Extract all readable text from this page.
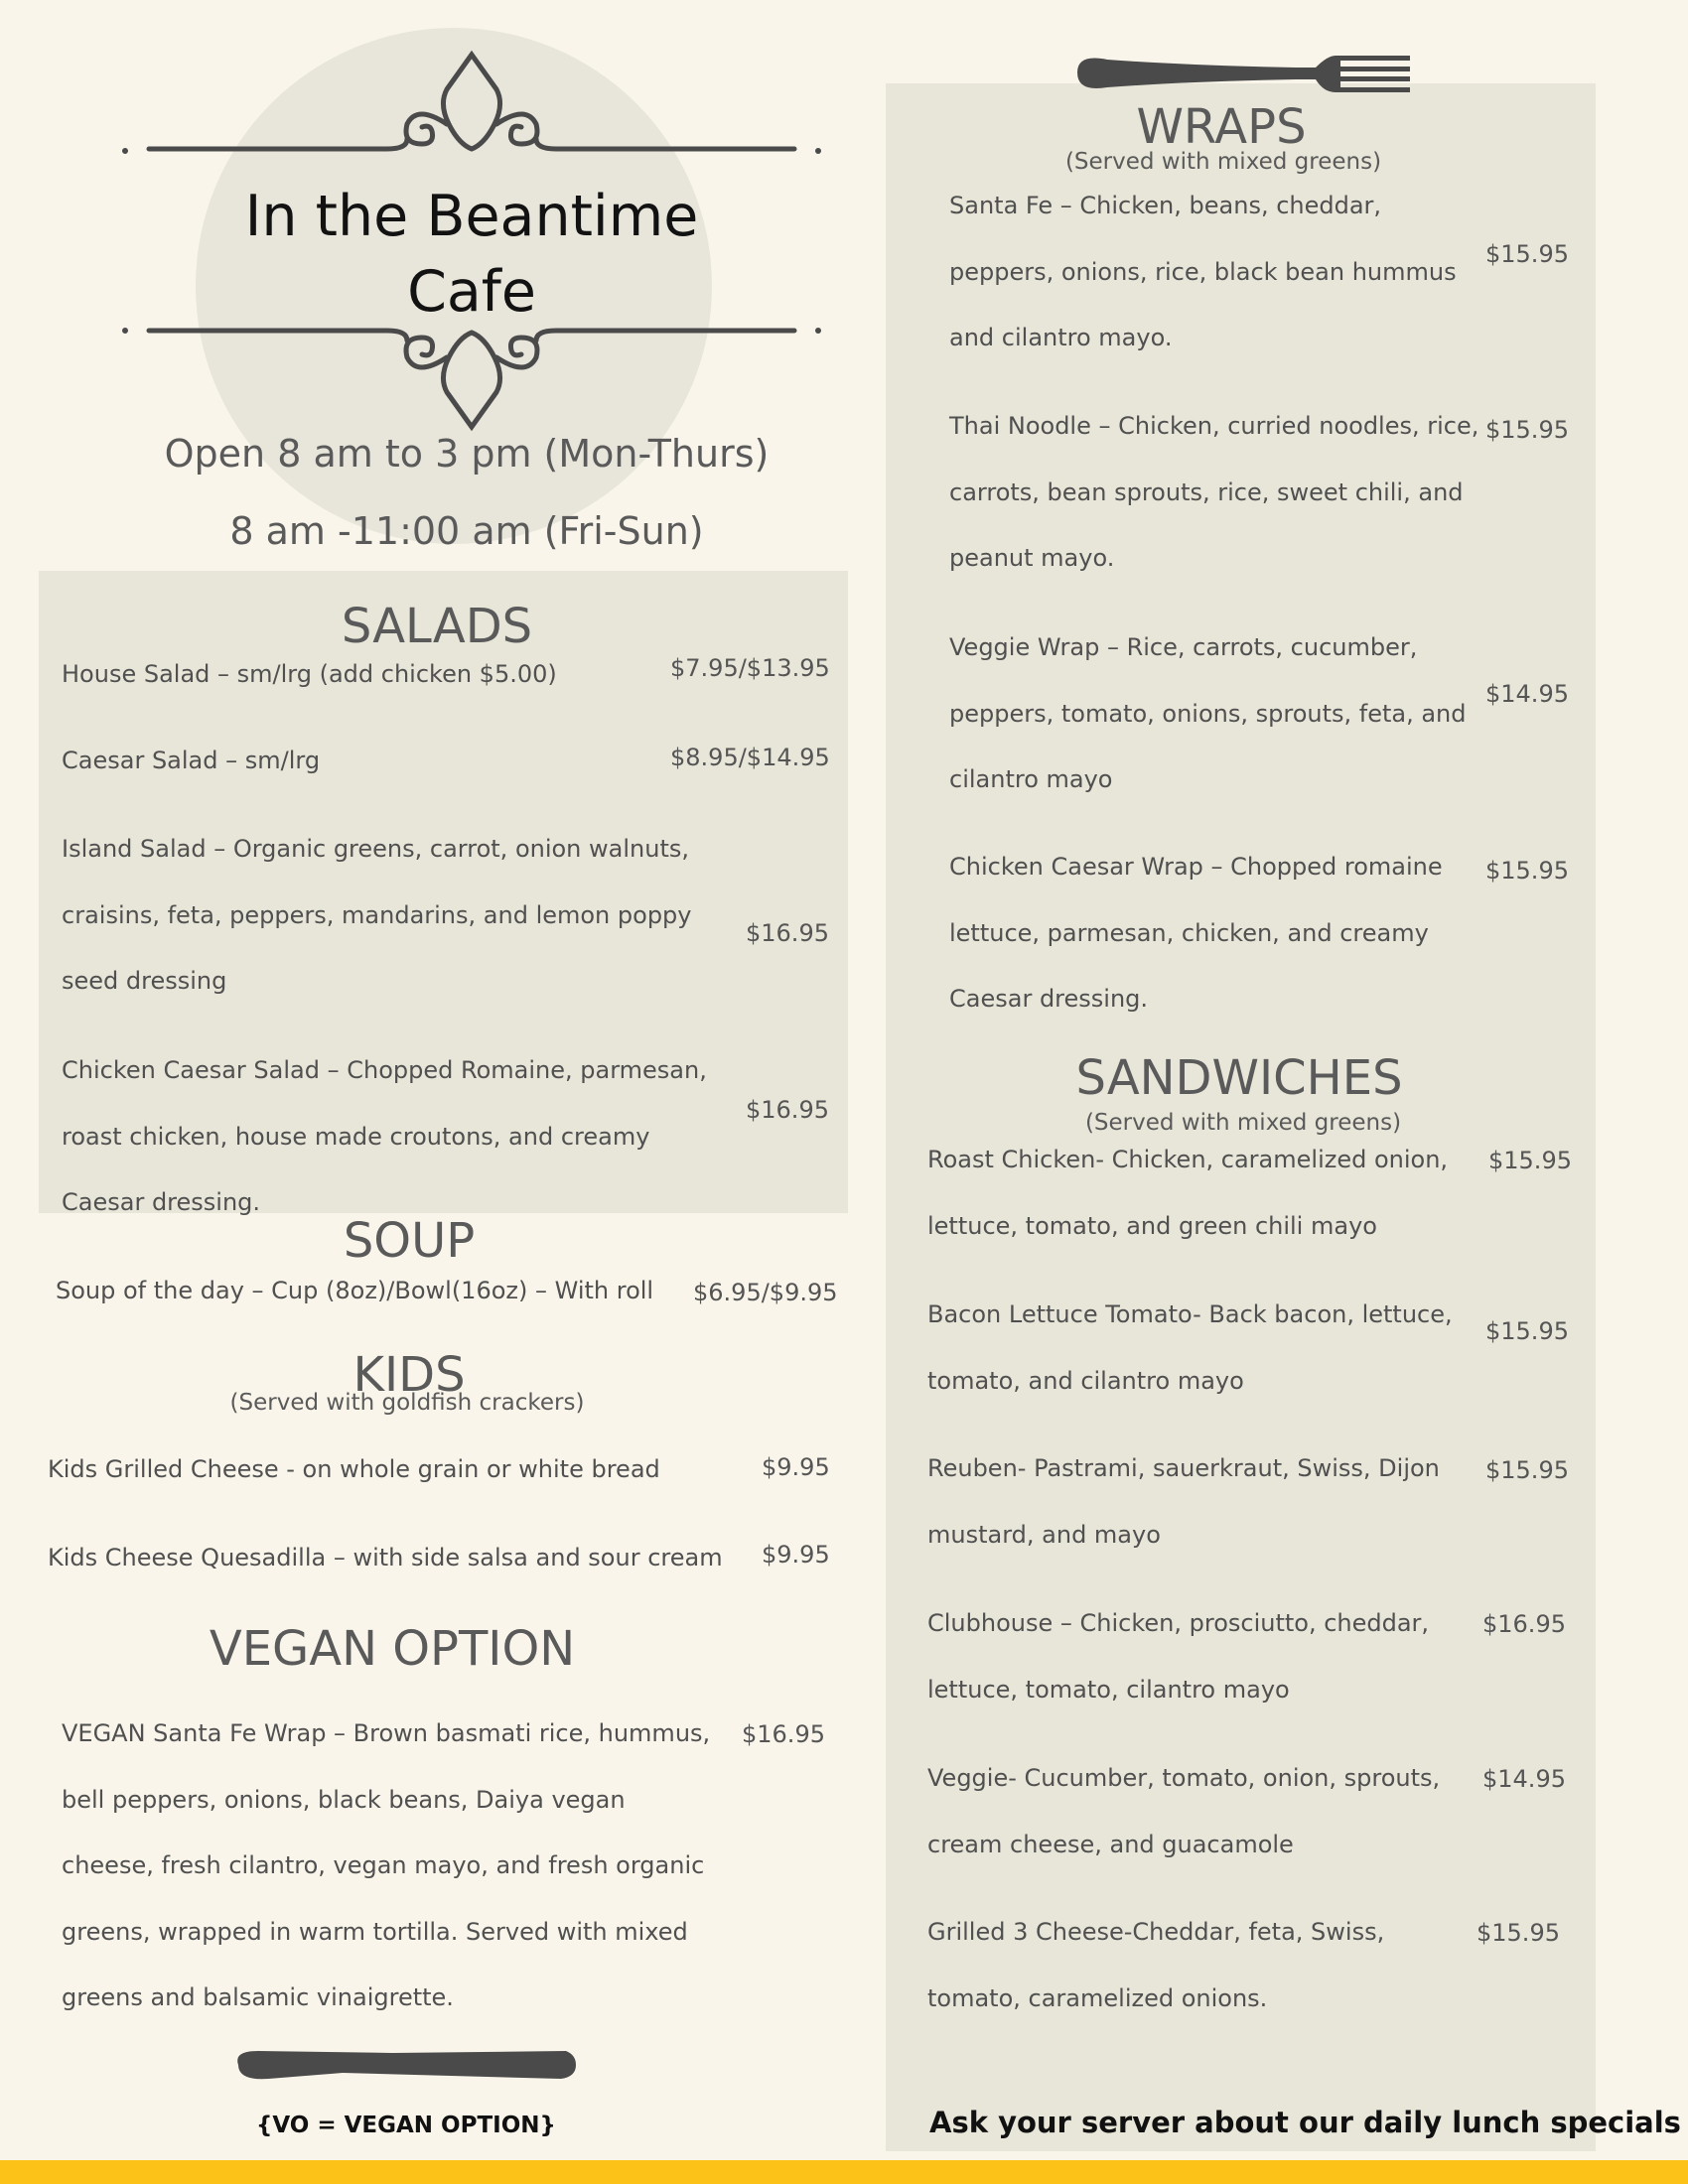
In the Beantime Cafe
Open 8 am to 3 pm (Mon-Thurs)
8 am -11:00 am (Fri-Sun)
SALADS
House Salad – sm/lrg (add chicken $5.00)	$7.95/$13.95
Caesar Salad – sm/lrg	$8.95/$14.95
Island Salad – Organic greens, carrot, onion walnuts, craisins, feta, peppers, mandarins, and lemon poppy seed dressing
$16.95
Chicken Caesar Salad – Chopped Romaine, parmesan, roast chicken, house made croutons, and creamy Caesar dressing.
$16.95
SOUP
Soup of the day – Cup (8oz)/Bowl(16oz) – With roll	$6.95/$9.95
KIDS
(Served with goldfish crackers)
Kids Grilled Cheese - on whole grain or white bread	$9.95
Kids Cheese Quesadilla – with side salsa and sour cream	$9.95
VEGAN OPTION
VEGAN Santa Fe Wrap – Brown basmati rice, hummus, bell peppers, onions, black beans, Daiya vegan cheese, fresh cilantro, vegan mayo, and fresh organic greens, wrapped in warm tortilla. Served with mixed greens and balsamic vinaigrette.
$16.95
{VO = VEGAN OPTION}
WRAPS
(Served with mixed greens)
Santa Fe – Chicken, beans, cheddar, peppers, onions, rice, black bean hummus and cilantro mayo.
$15.95
Thai Noodle – Chicken, curried noodles, rice, carrots, bean sprouts, rice, sweet chili, and peanut mayo.
$15.95
Veggie Wrap – Rice, carrots, cucumber, peppers, tomato, onions, sprouts, feta, and cilantro mayo
$14.95
Chicken Caesar Wrap – Chopped romaine lettuce, parmesan, chicken, and creamy Caesar dressing.
$15.95
SANDWICHES
(Served with mixed greens)
Roast Chicken- Chicken, caramelized onion, lettuce, tomato, and green chili mayo
$15.95
Bacon Lettuce Tomato- Back bacon, lettuce, tomato, and cilantro mayo
$15.95
Reuben- Pastrami, sauerkraut, Swiss, Dijon mustard, and mayo
$15.95
Clubhouse – Chicken, prosciutto, cheddar, lettuce, tomato, cilantro mayo
$16.95
Veggie- Cucumber, tomato, onion, sprouts, cream cheese, and guacamole
$14.95
Grilled 3 Cheese-Cheddar, feta, Swiss, tomato, caramelized onions.
$15.95
Ask your server about our daily lunch specials
